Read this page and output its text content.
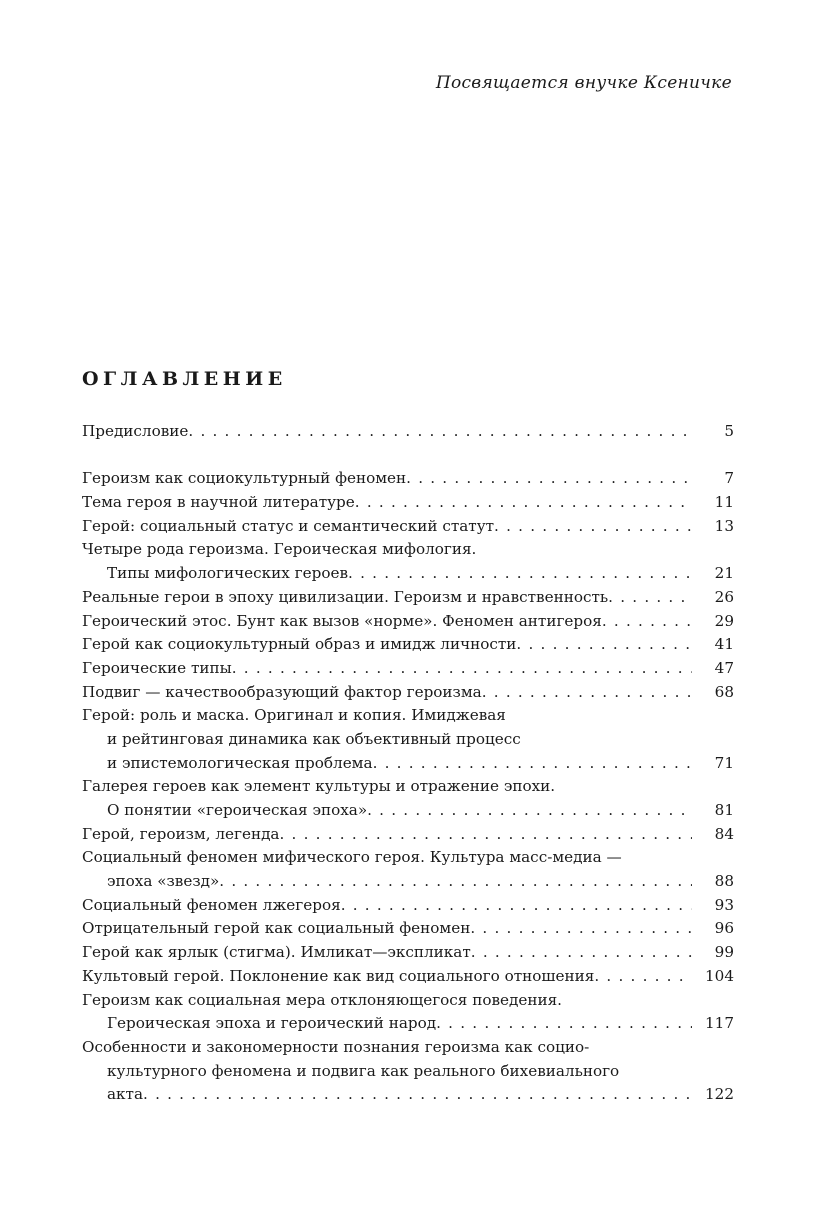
Посвящается внучке Ксеничке
ОГЛАВЛЕНИЕ
Предисловие . . .	5
Героизм как социокультурный феномен . . .	7
Тема героя в научной литературе . . .	11
Герой: социальный статус и семантический статут . . .	13
Четыре рода героизма. Героическая мифология.
Типы мифологических героев . . .	21
Реальные герои в эпоху цивилизации. Героизм и нравственность . . .	26
Героический этос. Бунт как вызов «норме». Феномен антигероя . . .	29
Герой как социокультурный образ и имидж личности . . .	41
Героические типы . . .	47
Подвиг — качествообразующий фактор героизма . . .	68
Герой: роль и маска. Оригинал и копия. Имиджевая
и рейтинговая динамика как объективный процесс
и эпистемологическая проблема . . .	71
Галерея героев как элемент культуры и отражение эпохи.
О понятии «героическая эпоха» . . .	81
Герой, героизм, легенда . . .	84
Социальный феномен мифического героя. Культура масс-медиа —
эпоха «звезд» . . .	88
Социальный феномен лжегероя . . .	93
Отрицательный герой как социальный феномен . . .	96
Герой как ярлык (стигма). Имликат—экспликат . . .	99
Культовый герой. Поклонение как вид социального отношения . . .	104
Героизм как социальная мера отклоняющегося поведения.
Героическая эпоха и героический народ . . .	117
Особенности и закономерности познания героизма как социо-
культурного феномена и подвига как реального бихевиального
акта . . .	122
